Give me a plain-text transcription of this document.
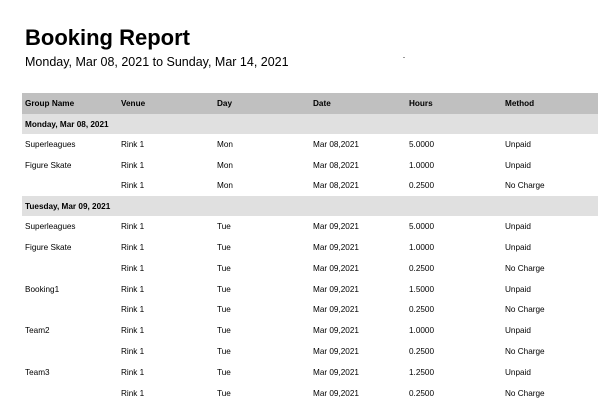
Booking Report

Monday, Mar 08, 2021 to Sunday, Mar 14, 2021

Group Name	Venue	Day	Date	Hours	Method
Monday, Mar 08, 2021					
Superleagues	Rink 1	Mon	Mar 08,2021	5.0000	Unpaid
Figure Skate	Rink 1	Mon	Mar 08,2021	1.0000	Unpaid
	Rink 1	Mon	Mar 08,2021	0.2500	No Charge
Tuesday, Mar 09, 2021					
Superleagues	Rink 1	Tue	Mar 09,2021	5.0000	Unpaid
Figure Skate	Rink 1	Tue	Mar 09,2021	1.0000	Unpaid
	Rink 1	Tue	Mar 09,2021	0.2500	No Charge
Booking1	Rink 1	Tue	Mar 09,2021	1.5000	Unpaid
	Rink 1	Tue	Mar 09,2021	0.2500	No Charge
Team2	Rink 1	Tue	Mar 09,2021	1.0000	Unpaid
	Rink 1	Tue	Mar 09,2021	0.2500	No Charge
Team3	Rink 1	Tue	Mar 09,2021	1.2500	Unpaid
	Rink 1	Tue	Mar 09,2021	0.2500	No Charge
